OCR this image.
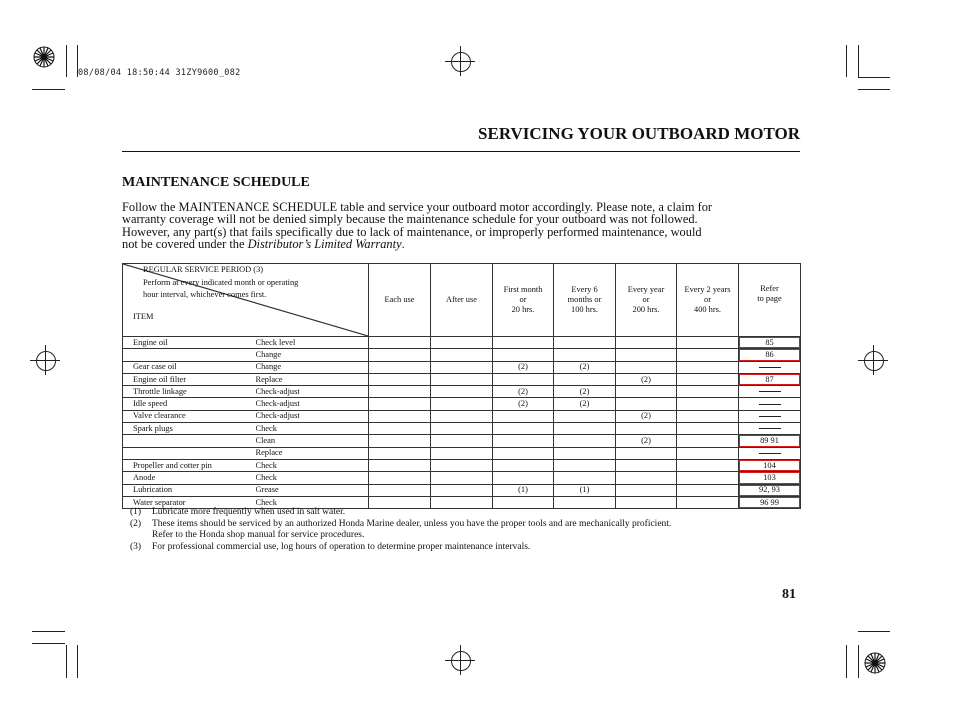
08/08/04 18:50:44 31ZY9600_082
SERVICING YOUR OUTBOARD MOTOR
MAINTENANCE SCHEDULE
Follow the MAINTENANCE SCHEDULE table and service your outboard motor accordingly. Please note, a claim for
warranty coverage will not be denied simply because the maintenance schedule for your outboard was not followed.
However, any part(s) that fails specifically due to lack of maintenance, or improperly performed maintenance, would
not be covered under the Distributor’s Limited Warranty.
REGULAR SERVICE PERIOD (3)
Perform at every indicated month or operating
hour interval, whichever comes first.
ITEM		Each use	After use	First month
or
20 hrs.	Every 6
months or
100 hrs.	Every year
or
200 hrs.	Every 2 years
or
400 hrs.	Refer
to page
Engine oil	Check level							85
	Change							86
Gear case oil	Change			(2)	(2)			
Engine oil filter	Replace					(2)		87
Throttle linkage	Check-adjust			(2)	(2)			
Idle speed	Check-adjust			(2)	(2)			
Valve clearance	Check-adjust					(2)		
Spark plugs	Check							
	Clean					(2)		89 91
	Replace							
Propeller and cotter pin	Check							104
Anode	Check							103
Lubrication	Grease			(1)	(1)			92, 93
Water separator	Check							96 99
(1)	Lubricate more frequently when used in salt water.
(2)	These items should be serviced by an authorized Honda Marine dealer, unless you have the proper tools and are mechanically proficient.
Refer to the Honda shop manual for service procedures.
(3)	For professional commercial use, log hours of operation to determine proper maintenance intervals.
81
